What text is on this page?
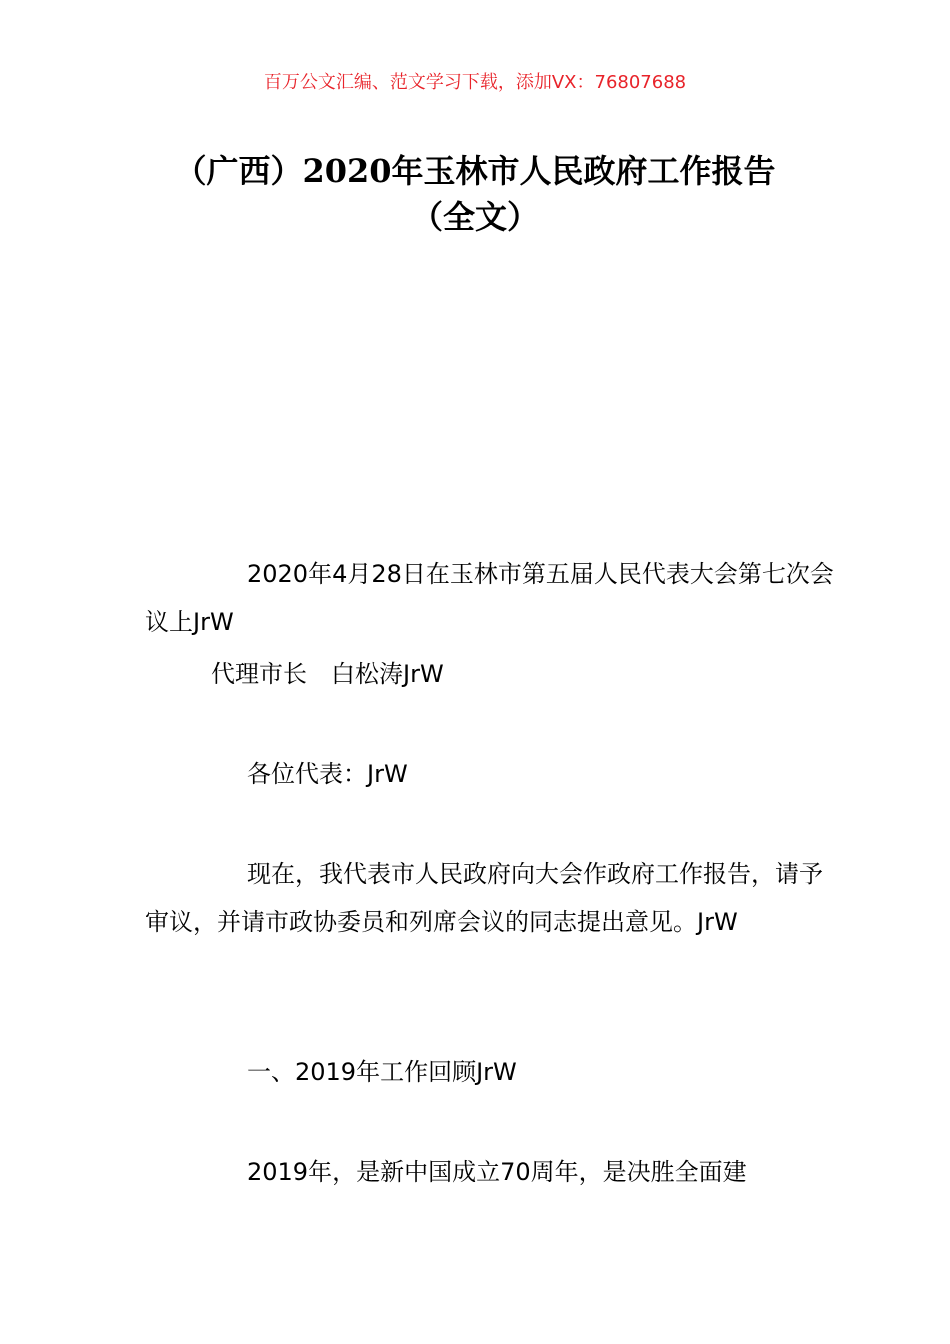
百万公文汇编、范文学习下载，添加VX：76807688
（广西）2020年玉林市人民政府工作报告
（全文）
2020年4月28日在玉林市第五届人民代表大会第七次会议上JrW
代理市长　白松涛JrW
各位代表：JrW
现在，我代表市人民政府向大会作政府工作报告，请予审议，并请市政协委员和列席会议的同志提出意见。JrW
一、2019年工作回顾JrW
2019年，是新中国成立70周年，是决胜全面建
